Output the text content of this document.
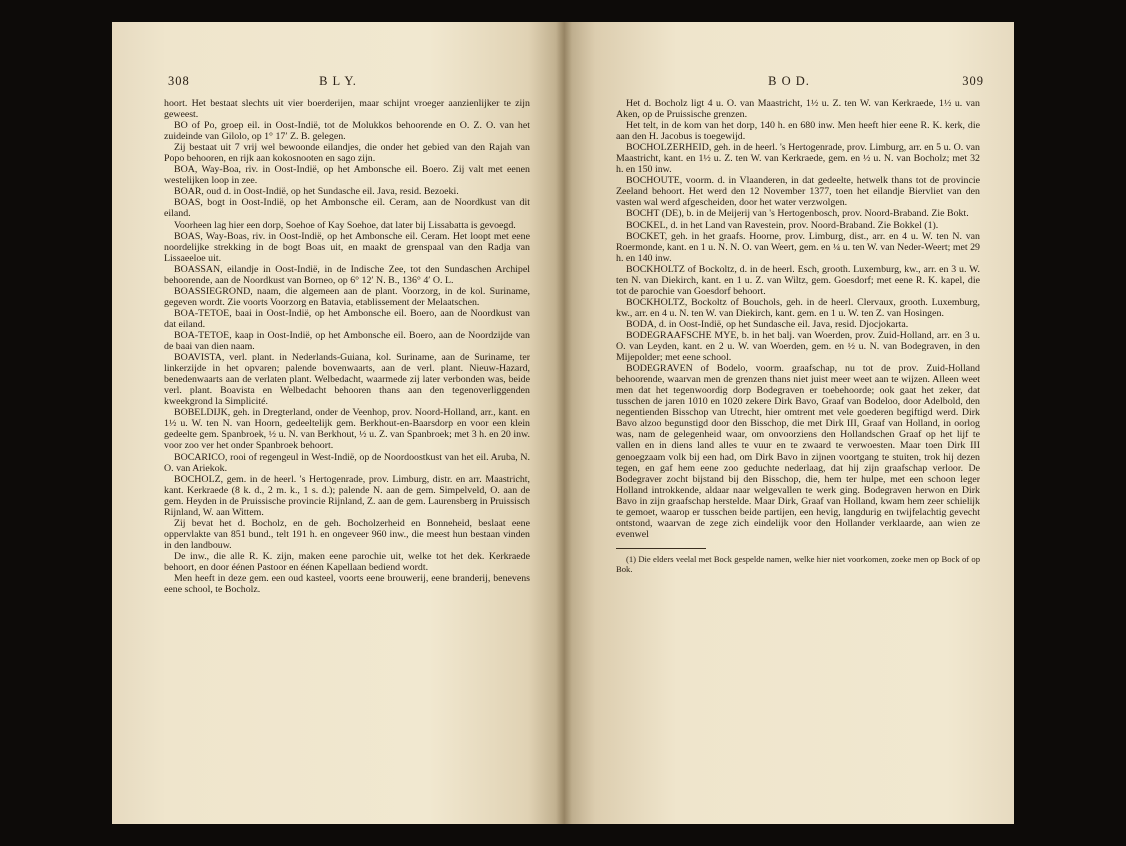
308	B L Y.

hoort. Het bestaat slechts uit vier boerderijen, maar schijnt vroeger aanzienlijker te zijn geweest.

BO of Po, groep eil. in Oost-Indië, tot de Molukkos behoorende en O. Z. O. van het zuideinde van Gilolo, op 1° 17′ Z. B. gelegen.

Zij bestaat uit 7 vrij wel bewoonde eilandjes, die onder het gebied van den Rajah van Popo behooren, en rijk aan kokosnooten en sago zijn.

BOA, Way-Boa, riv. in Oost-Indië, op het Ambonsche eil. Boero. Zij valt met eenen westelijken loop in zee.

BOAR, oud d. in Oost-Indië, op het Sundasche eil. Java, resid. Bezoeki.

BOAS, bogt in Oost-Indië, op het Ambonsche eil. Ceram, aan de Noordkust van dit eiland.

Voorheen lag hier een dorp, Soehoe of Kay Soehoe, dat later bij Lissabatta is gevoegd.

BOAS, Way-Boas, riv. in Oost-Indië, op het Ambonsche eil. Ceram. Het loopt met eene noordelijke strekking in de bogt Boas uit, en maakt de grenspaal van den Radja van Lissaeeloe uit.

BOASSAN, eilandje in Oost-Indië, in de Indische Zee, tot den Sundaschen Archipel behoorende, aan de Noordkust van Borneo, op 6° 12′ N. B., 136° 4′ O. L.

BOASSIEGROND, naam, die algemeen aan de plant. Voorzorg, in de kol. Suriname, gegeven wordt. Zie voorts Voorzorg en Batavia, etablissement der Melaatschen.

BOA-TETOE, baai in Oost-Indië, op het Ambonsche eil. Boero, aan de Noordkust van dat eiland.

BOA-TETOE, kaap in Oost-Indië, op het Ambonsche eil. Boero, aan de Noordzijde van de baai van dien naam.

BOAVISTA, verl. plant. in Nederlands-Guiana, kol. Suriname, aan de Suriname, ter linkerzijde in het opvaren; palende bovenwaarts, aan de verl. plant. Nieuw-Hazard, benedenwaarts aan de verlaten plant. Welbedacht, waarmede zij later verbonden was, beide verl. plant. Boavista en Welbedacht behooren thans aan den tegenoverliggenden kweekgrond la Simplicité.

BOBELDIJK, geh. in Dregterland, onder de Veenhop, prov. Noord-Holland, arr., kant. en 1½ u. W. ten N. van Hoorn, gedeeltelijk gem. Berkhout-en-Baarsdorp en voor een klein gedeelte gem. Spanbroek, ½ u. N. van Berkhout, ½ u. Z. van Spanbroek; met 3 h. en 20 inw. voor zoo ver het onder Spanbroek behoort.

BOCARICO, rooi of regengeul in West-Indië, op de Noordoostkust van het eil. Aruba, N. O. van Ariekok.

BOCHOLZ, gem. in de heerl. 's Hertogenrade, prov. Limburg, distr. en arr. Maastricht, kant. Kerkraede (8 k. d., 2 m. k., 1 s. d.); palende N. aan de gem. Simpelveld, O. aan de gem. Heyden in de Pruissische provincie Rijnland, Z. aan de gem. Laurensberg in Pruissisch Rijnland, W. aan Wittem.

Zij bevat het d. Bocholz, en de geh. Bocholzerheid en Bonneheid, beslaat eene oppervlakte van 851 bund., telt 191 h. en ongeveer 960 inw., die meest hun bestaan vinden in den landbouw.

De inw., die alle R. K. zijn, maken eene parochie uit, welke tot het dek. Kerkraede behoort, en door éénen Pastoor en éénen Kapellaan bediend wordt.

Men heeft in deze gem. een oud kasteel, voorts eene brouwerij, eene branderij, benevens eene school, te Bocholz.

B O D.	309

Het d. Bocholz ligt 4 u. O. van Maastricht, 1½ u. Z. ten W. van Kerkraede, 1½ u. van Aken, op de Pruissische grenzen.

Het telt, in de kom van het dorp, 140 h. en 680 inw. Men heeft hier eene R. K. kerk, die aan den H. Jacobus is toegewijd.

BOCHOLZERHEID, geh. in de heerl. 's Hertogenrade, prov. Limburg, arr. en 5 u. O. van Maastricht, kant. en 1½ u. Z. ten W. van Kerkraede, gem. en ½ u. N. van Bocholz; met 32 h. en 150 inw.

BOCHOUTE, voorm. d. in Vlaanderen, in dat gedeelte, hetwelk thans tot de provincie Zeeland behoort. Het werd den 12 November 1377, toen het eilandje Biervliet van den vasten wal werd afgescheiden, door het water verzwolgen.

BOCHT (DE), b. in de Meijerij van 's Hertogenbosch, prov. Noord-Braband. Zie Bokt.

BOCKEL, d. in het Land van Ravestein, prov. Noord-Braband. Zie Bokkel (1).

BOCKET, geh. in het graafs. Hoorne, prov. Limburg, dist., arr. en 4 u. W. ten N. van Roermonde, kant. en 1 u. N. N. O. van Weert, gem. en ¼ u. ten W. van Neder-Weert; met 29 h. en 140 inw.

BOCKHOLTZ of Bockoltz, d. in de heerl. Esch, grooth. Luxemburg, kw., arr. en 3 u. W. ten N. van Diekirch, kant. en 1 u. Z. van Wiltz, gem. Goesdorf; met eene R. K. kapel, die tot de parochie van Goesdorf behoort.

BOCKHOLTZ, Bockoltz of Bouchols, geh. in de heerl. Clervaux, grooth. Luxemburg, kw., arr. en 4 u. N. ten W. van Diekirch, kant. gem. en 1 u. W. ten Z. van Hosingen.

BODA, d. in Oost-Indië, op het Sundasche eil. Java, resid. Djocjokarta.

BODEGRAAFSCHE MYE, b. in het balj. van Woerden, prov. Zuid-Holland, arr. en 3 u. O. van Leyden, kant. en 2 u. W. van Woerden, gem. en ½ u. N. van Bodegraven, in den Mijepolder; met eene school.

BODEGRAVEN of Bodelo, voorm. graafschap, nu tot de prov. Zuid-Holland behoorende, waarvan men de grenzen thans niet juist meer weet aan te wijzen. Alleen weet men dat het tegenwoordig dorp Bodegraven er toebehoorde; ook gaat het zeker, dat tusschen de jaren 1010 en 1020 zekere Dirk Bavo, Graaf van Bodeloo, door Adelbold, den negentienden Bisschop van Utrecht, hier omtrent met vele goederen begiftigd werd. Dirk Bavo alzoo begunstigd door den Bisschop, die met Dirk III, Graaf van Holland, in oorlog was, nam de gelegenheid waar, om onvoorziens den Hollandschen Graaf op het lijf te vallen en in diens land alles te vuur en te zwaard te verwoesten. Maar toen Dirk III genoegzaam volk bij een had, om Dirk Bavo in zijnen voortgang te stuiten, trok hij dezen tegen, en gaf hem eene zoo geduchte nederlaag, dat hij zijn graafschap verloor. De Bodegraver zocht bijstand bij den Bisschop, die, hem ter hulpe, met een schoon leger Holland introkkende, aldaar naar welgevallen te werk ging. Bodegraven herwon en Dirk Bavo in zijn graafschap herstelde. Maar Dirk, Graaf van Holland, kwam hem zeer schielijk te gemoet, waarop er tusschen beide partijen, een hevig, langdurig en twijfelachtig gevecht ontstond, waarvan de zege zich eindelijk voor den Hollander verklaarde, aan wien ze evenwel

(1) Die elders veelal met Bock gespelde namen, welke hier niet voorkomen, zoeke men op Bock of op Bok.
